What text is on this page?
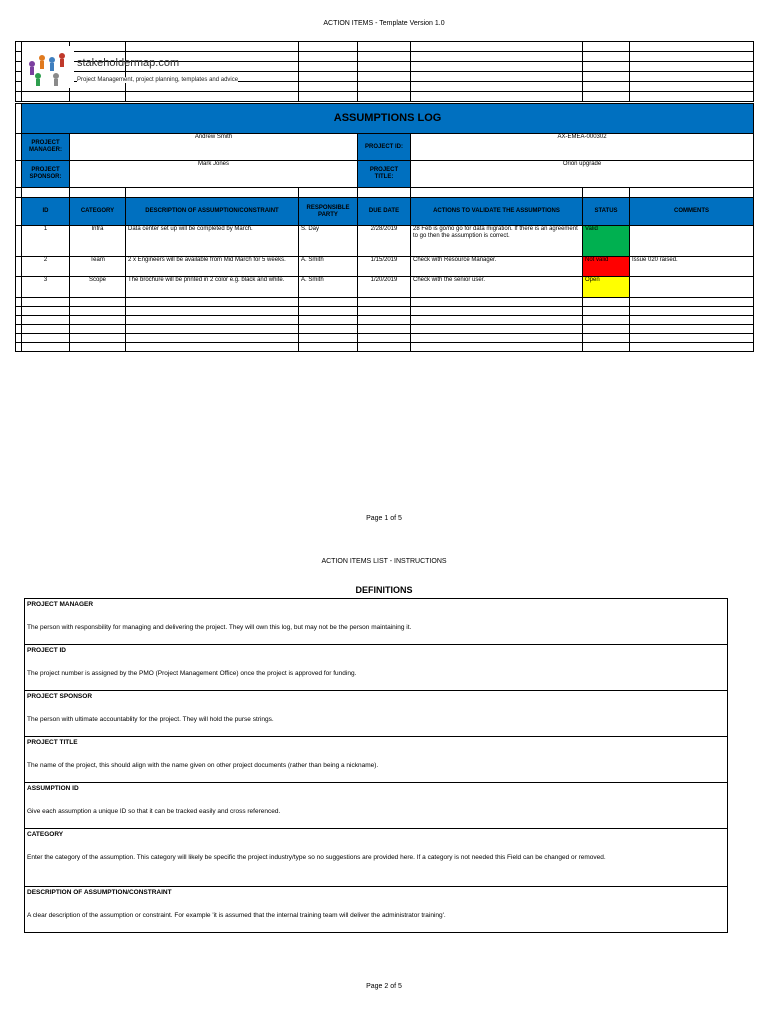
ACTION ITEMS - Template Version 1.0

stakeholdermap.com
Project Management, project planning, templates and advice
	ASSUMPTIONS LOG							
	PROJECT MANAGER:	Andrew Smith			PROJECT ID:	AX-EMEA-000302		
	PROJECT SPONSOR:	Mark Jones			PROJECT TITLE:	Orion upgrade		

	ID	CATEGORY	DESCRIPTION OF ASSUMPTION/CONSTRAINT	RESPONSIBLE PARTY	DUE DATE	ACTIONS TO VALIDATE THE ASSUMPTIONS	STATUS	COMMENTS
	1	Infra	Data center set up will be completed by March.	S. Day	2/28/2019	28 Feb is go/no go for data migration. If there is an agreement to go then the assumption is correct.	Valid	
	2	Team	2 x Engineers will be available from Mid March for 5 weeks.	A. Smith	1/15/2019	Check with Resource Manager.	Not valid	Issue 020 raised.
	3	Scope	The brochure will be printed in 2 color e.g. black and white.	A. Smith	1/20/2019	Check with the senior user.	Open	

Page 1 of 5
ACTION ITEMS LIST - INSTRUCTIONS
DEFINITIONS
PROJECT MANAGER
The person with responsbility for managing and delivering the project. They will own this log, but may not be the person maintaining it.
PROJECT ID
The project number is assigned by the PMO (Project Management Office) once the project is approved for funding.
PROJECT SPONSOR
The person with ultimate accountablity for the project. They will hold the purse strings.
PROJECT TITLE
The name of the project, this should align with the name given on other project documents (rather than being a nickname).
ASSUMPTION ID
Give each assumption a unique ID so that it can be tracked easily and cross referenced.
CATEGORY
Enter the category of the assumption. This category will likely be specific the project industry/type so no suggestions are provided here. If a category is not needed this Field can be changed or removed.
DESCRIPTION OF ASSUMPTION/CONSTRAINT
A clear description of the assumption or constraint. For example 'it is assumed that the internal training team will deliver the administrator training'.
Page 2 of 5
